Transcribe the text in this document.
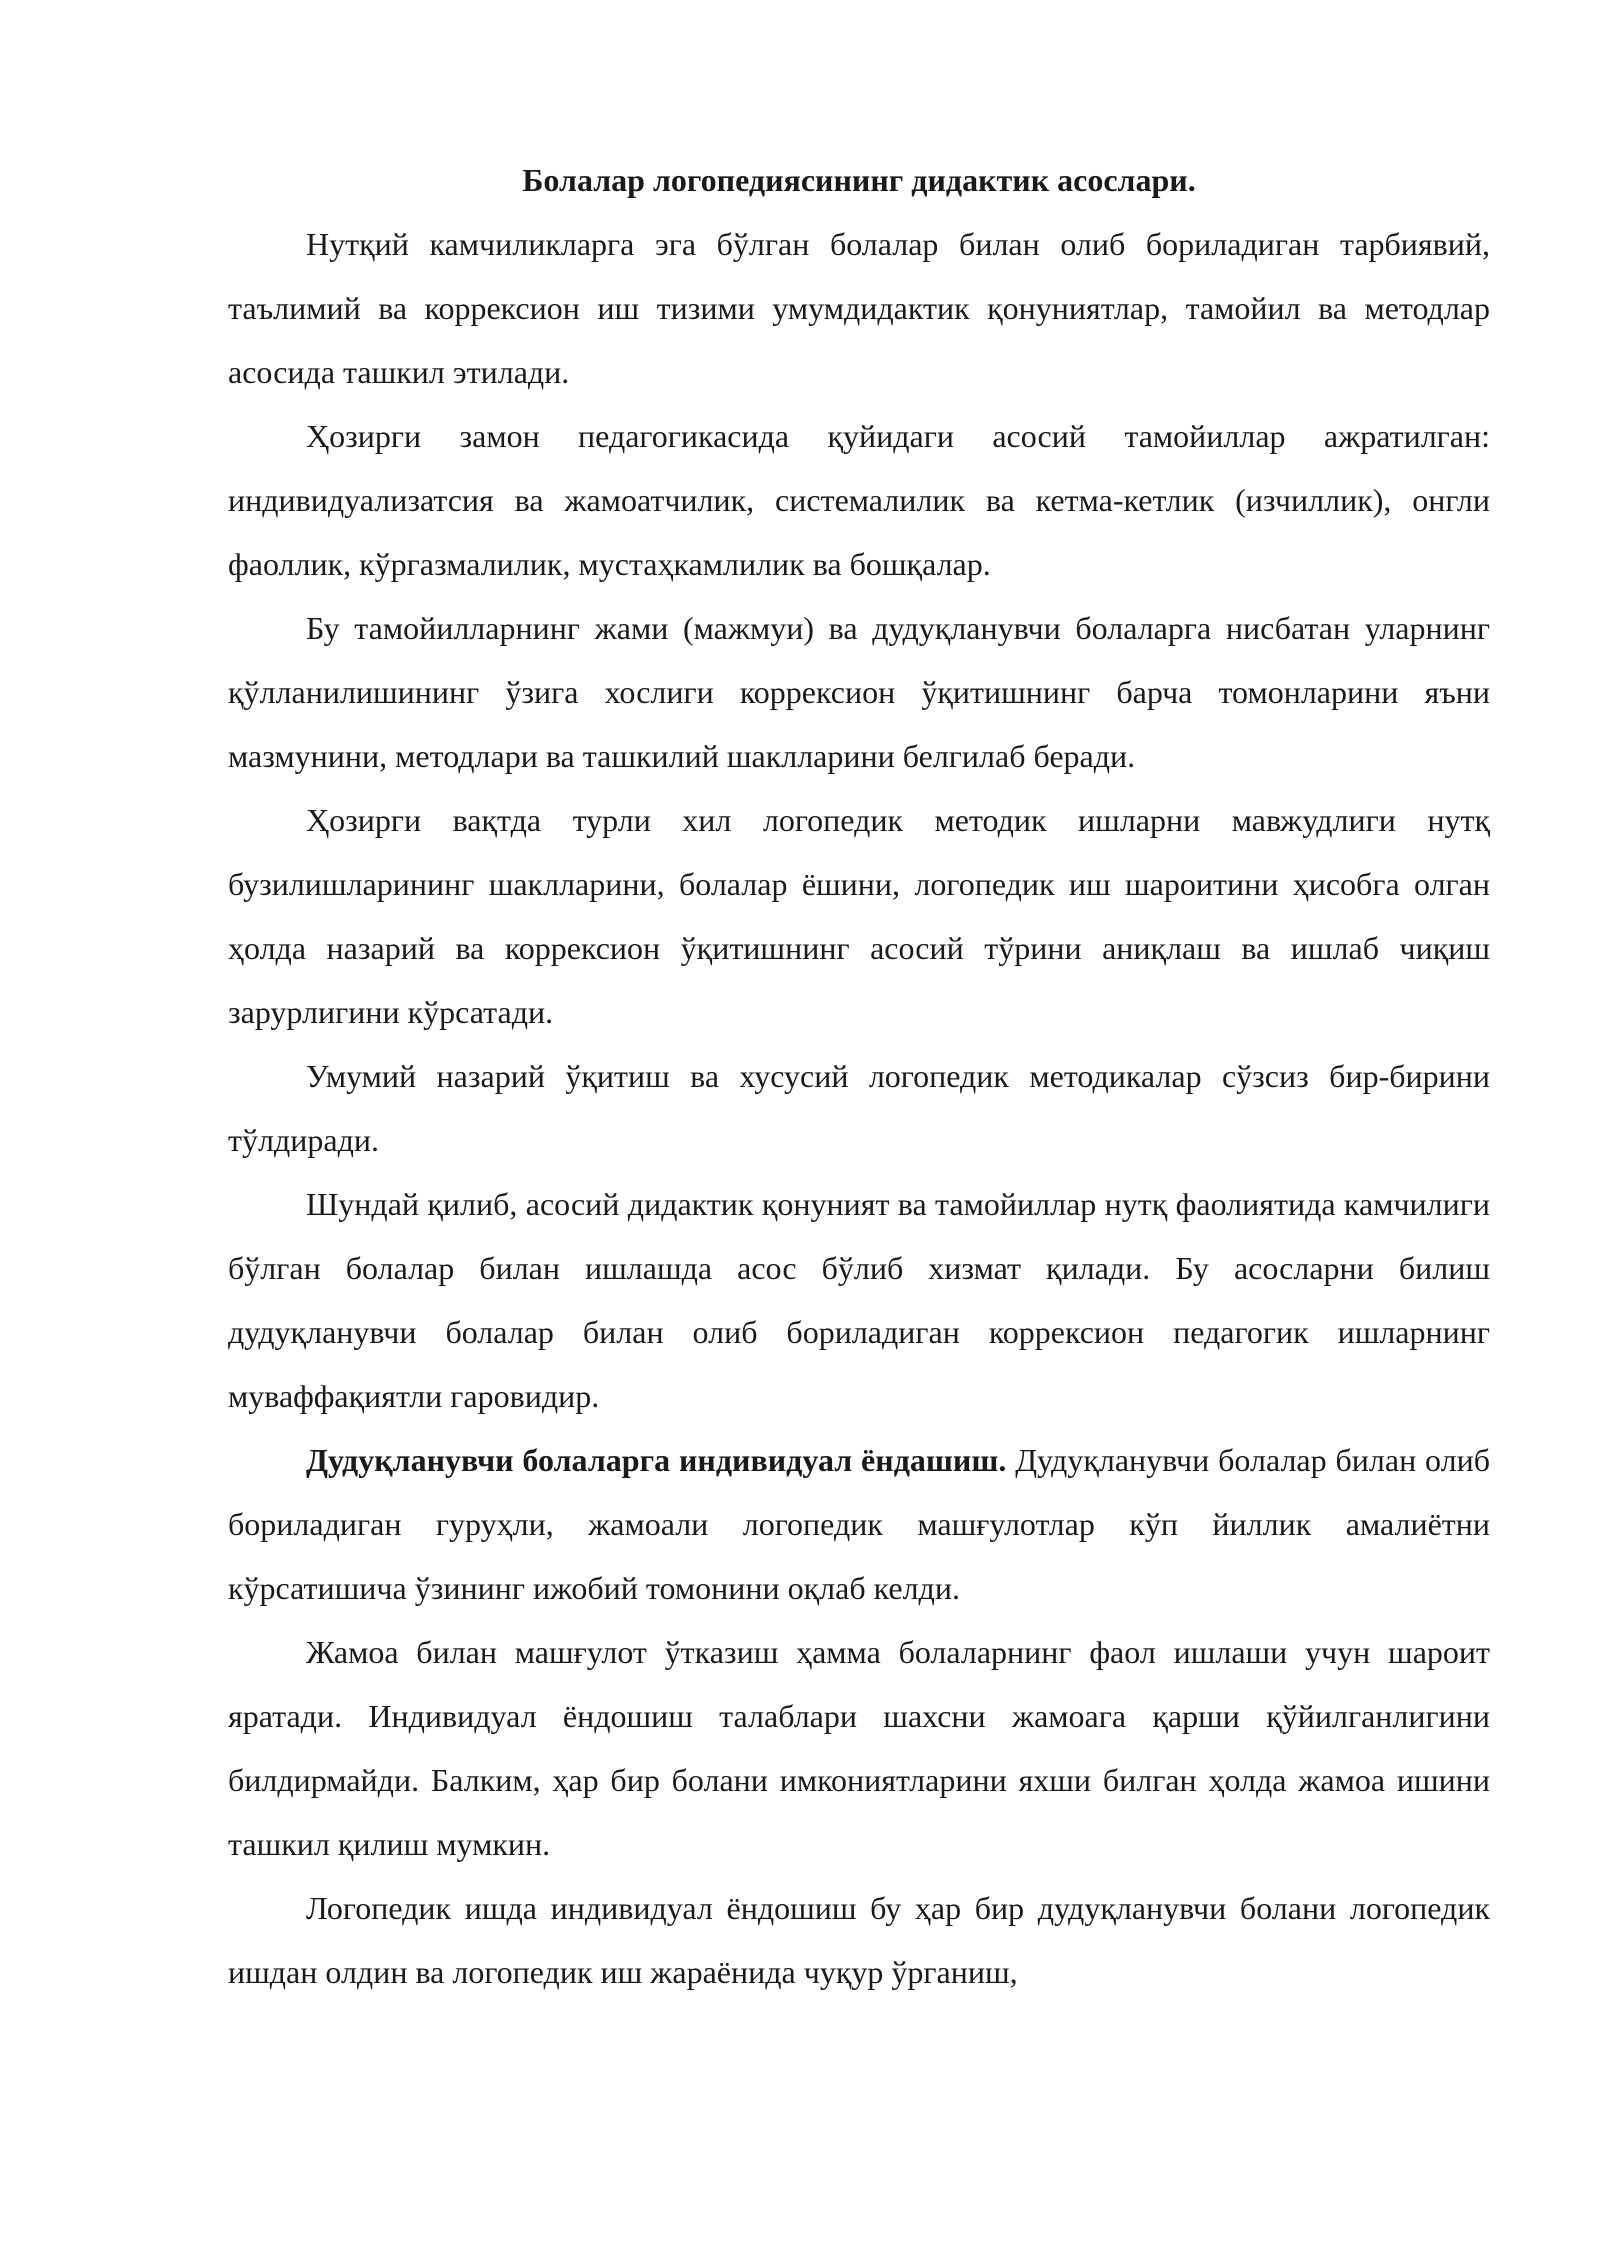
Болалар логопедиясининг дидактик асослари.

Нутқий камчиликларга эга бўлган болалар билан олиб бориладиган тарбиявий, таълимий ва коррексион иш тизими умумдидактик қонуниятлар, тамойил ва методлар асосида ташкил этилади.

Ҳозирги замон педагогикасида қуйидаги асосий тамойиллар ажратилган: индивидуализатсия ва жамоатчилик, системалилик ва кетма-кетлик (изчиллик), онгли фаоллик, кўргазмалилик, мустаҳкамлилик ва бошқалар.

Бу тамойилларнинг жами (мажмуи) ва дудуқланувчи болаларга нисбатан уларнинг қўлланилишининг ўзига хослиги коррексион ўқитишнинг барча томонларини яъни мазмунини, методлари ва ташкилий шаклларини белгилаб беради.

Ҳозирги вақтда турли хил логопедик методик ишларни мавжудлиги нутқ бузилишларининг шаклларини, болалар ёшини, логопедик иш шароитини ҳисобга олган ҳолда назарий ва коррексион ўқитишнинг асосий тўрини аниқлаш ва ишлаб чиқиш зарурлигини кўрсатади.

Умумий назарий ўқитиш ва хусусий логопедик методикалар сўзсиз бир-бирини тўлдиради.

Шундай қилиб, асосий дидактик қонуният ва тамойиллар нутқ фаолиятида камчилиги бўлган болалар билан ишлашда асос бўлиб хизмат қилади. Бу асосларни билиш дудуқланувчи болалар билан олиб бориладиган коррексион педагогик ишларнинг муваффақиятли гаровидир.

Дудуқланувчи болаларга индивидуал ёндашиш. Дудуқланувчи болалар билан олиб бориладиган гуруҳли, жамоали логопедик машғулотлар кўп йиллик амалиётни кўрсатишича ўзининг ижобий томонини оқлаб келди.

Жамоа билан машғулот ўтказиш ҳамма болаларнинг фаол ишлаши учун шароит яратади. Индивидуал ёндошиш талаблари шахсни жамоага қарши қўйилганлигини билдирмайди. Балким, ҳар бир болани имкониятларини яхши билган ҳолда жамоа ишини ташкил қилиш мумкин.

Логопедик ишда индивидуал ёндошиш бу ҳар бир дудуқланувчи болани логопедик ишдан олдин ва логопедик иш жараёнида чуқур ўрганиш,
